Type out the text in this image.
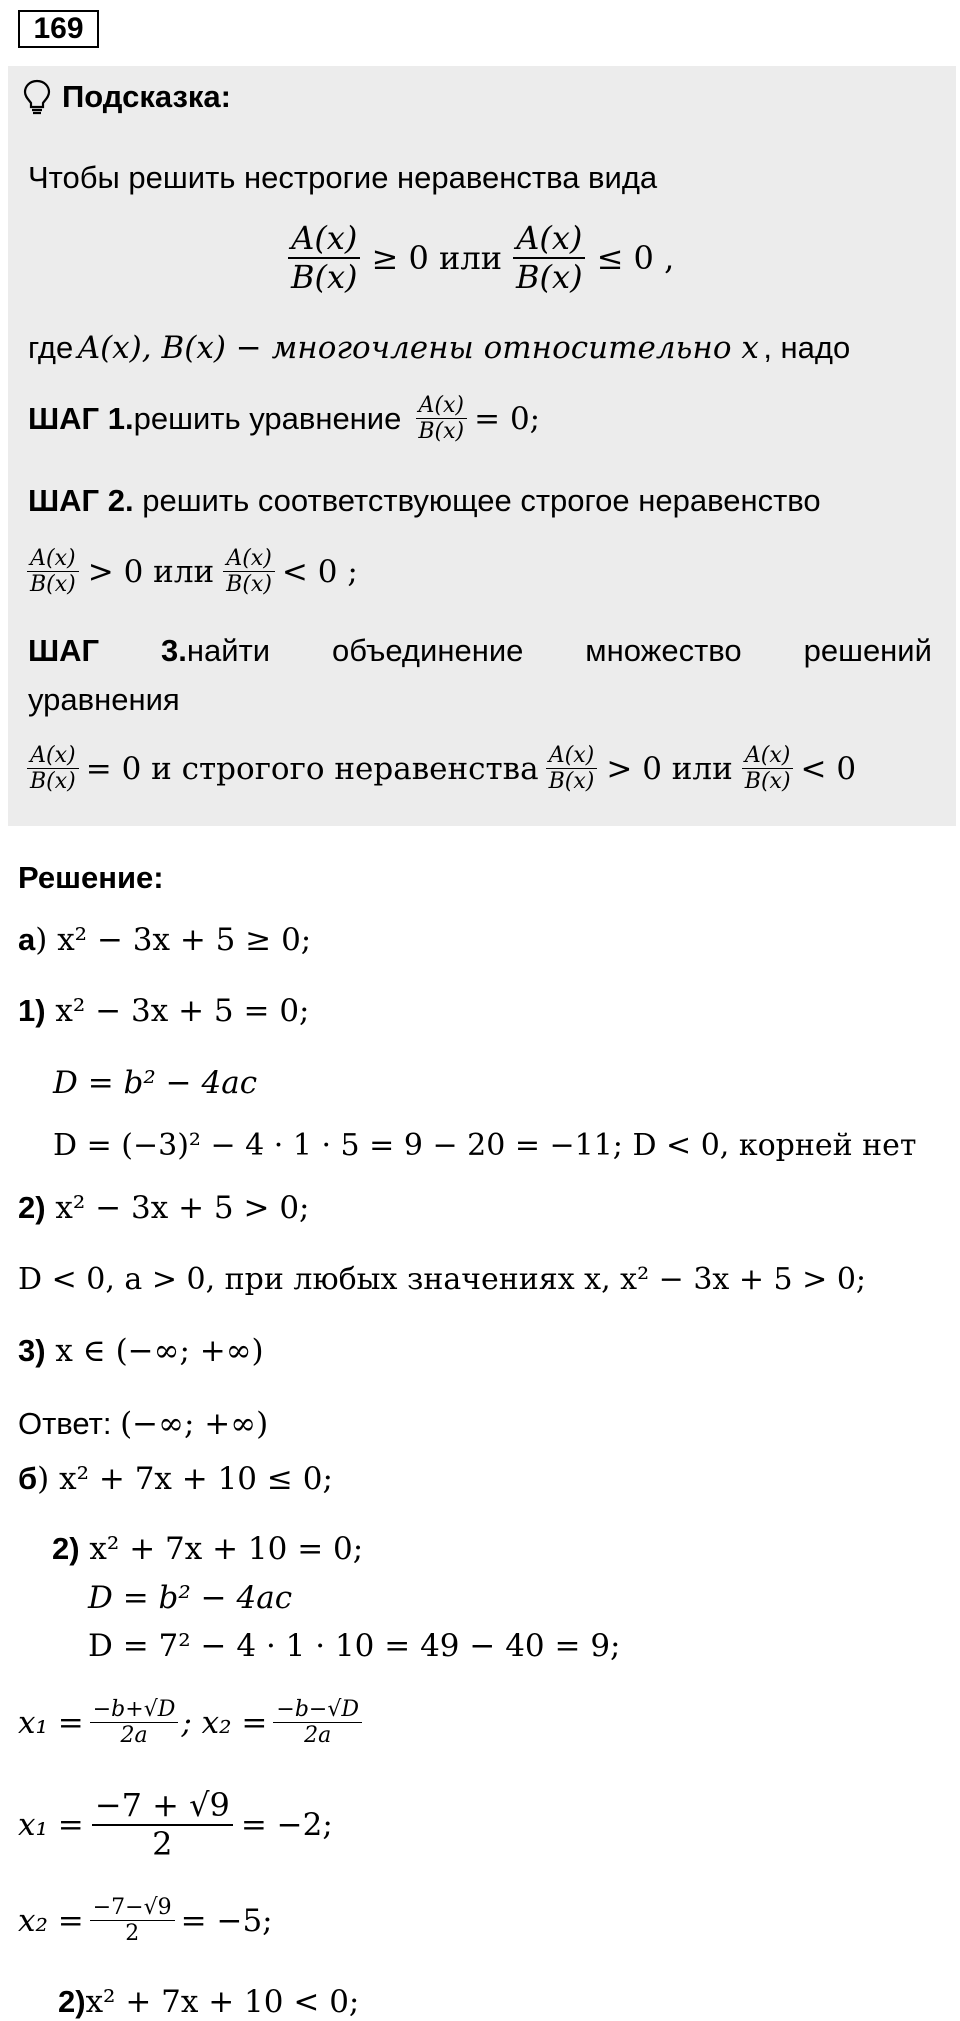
169
Подсказка:
Чтобы решить нестрогие неравенства вида
$\frac{A(x)}{B(x)} \ge 0$ или $\frac{A(x)}{B(x)} \le 0$ ,
где A(x), B(x) − многочлены относительно x , надо
ШАГ 1. решить уравнение $\frac{A(x)}{B(x)} = 0$;
ШАГ 2. решить соответствующее строгое неравенство
$\frac{A(x)}{B(x)} > 0$ или $\frac{A(x)}{B(x)} < 0$ ;
ШАГ 3.найти объединение множество решений
уравнения
$\frac{A(x)}{B(x)} = 0$ и строгого неравенства $\frac{A(x)}{B(x)} > 0$ или $\frac{A(x)}{B(x)} < 0$
Решение:
а) x² − 3x + 5 ≥ 0;
1) x² − 3x + 5 = 0;
D = b² − 4ac
D = (−3)² − 4 · 1 · 5 = 9 − 20 = −11; D < 0, корней нет
2) x² − 3x + 5 > 0;
D < 0, a > 0, при любых значениях x, x² − 3x + 5 > 0;
3) x ∈ (−∞; +∞)
Ответ: (−∞; +∞)
б) x² + 7x + 10 ≤ 0;
2) x² + 7x + 10 = 0;
D = b² − 4ac
D = 7² − 4 · 1 · 10 = 49 − 40 = 9;
$x_1 = \frac{-b+√D}{2a}$ ; $x_2 = \frac{-b-√D}{2a}$
$x_1 = \frac{-7 + √9}{2} = -2$;
$x_2 = \frac{-7-√9}{2} = -5$;
2)x² + 7x + 10 < 0;
